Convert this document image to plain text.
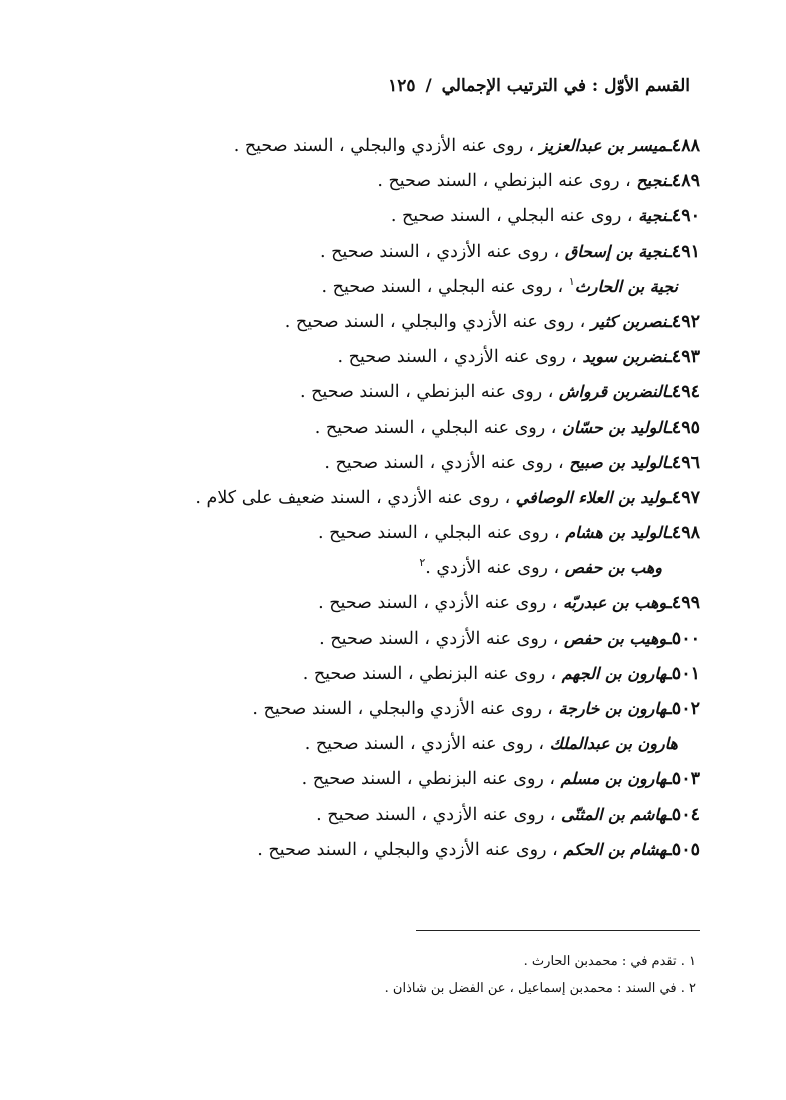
القسم الأوّل : في الترتيب الإجمالي / ١٢٥
٤٨٨ـميسر بن عبدالعزيز ، روى عنه الأزدي والبجلي ، السند صحيح .
٤٨٩ـنجيح ، روى عنه البزنطي ، السند صحيح .
٤٩٠ـنجية ، روى عنه البجلي ، السند صحيح .
٤٩١ـنجية بن إسحاق ، روى عنه الأزدي ، السند صحيح .
نجية بن الحارث$^١$ ، روى عنه البجلي ، السند صحيح .
٤٩٢ـنصربن كثير ، روى عنه الأزدي والبجلي ، السند صحيح .
٤٩٣ـنضربن سويد ، روى عنه الأزدي ، السند صحيح .
٤٩٤ـالنضربن قرواش ، روى عنه البزنطي ، السند صحيح .
٤٩٥ـالوليد بن حسّان ، روى عنه البجلي ، السند صحيح .
٤٩٦ـالوليد بن صبيح ، روى عنه الأزدي ، السند صحيح .
٤٩٧ـوليد بن العلاء الوصافي ، روى عنه الأزدي ، السند ضعيف على كلام .
٤٩٨ـالوليد بن هشام ، روى عنه البجلي ، السند صحيح .
وهب بن حفص ، روى عنه الأزدي .$^٢$
٤٩٩ـوهب بن عبدربّه ، روى عنه الأزدي ، السند صحيح .
٥٠٠ـوهيب بن حفص ، روى عنه الأزدي ، السند صحيح .
٥٠١ـهارون بن الجهم ، روى عنه البزنطي ، السند صحيح .
٥٠٢ـهارون بن خارجة ، روى عنه الأزدي والبجلي ، السند صحيح .
هارون بن عبدالملك ، روى عنه الأزدي ، السند صحيح .
٥٠٣ـهارون بن مسلم ، روى عنه البزنطي ، السند صحيح .
٥٠٤ـهاشم بن المثنّى ، روى عنه الأزدي ، السند صحيح .
٥٠٥ـهشام بن الحكم ، روى عنه الأزدي والبجلي ، السند صحيح .
١ . تقدم في : محمدبن الحارث .
٢ . في السند : محمدبن إسماعيل ، عن الفضل بن شاذان .
